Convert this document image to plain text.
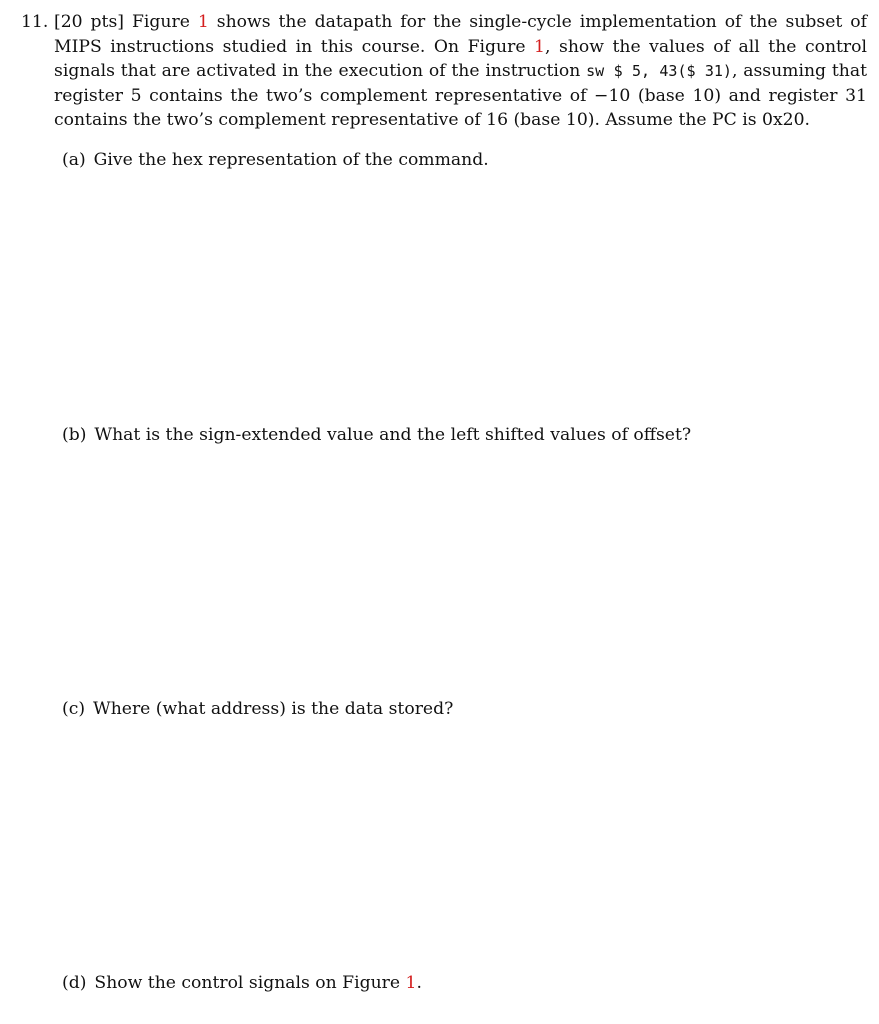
11. [20 pts] Figure 1 shows the datapath for the single-cycle implementation of the subset of MIPS instructions studied in this course. On Figure 1, show the values of all the control signals that are activated in the execution of the instruction sw $ 5, 43($ 31), assuming that register 5 contains the two’s complement representative of −10 (base 10) and register 31 contains the two’s complement representative of 16 (base 10). Assume the PC is 0x20.
(a) Give the hex representation of the command.
(b) What is the sign-extended value and the left shifted values of offset?
(c) Where (what address) is the data stored?
(d) Show the control signals on Figure 1.
